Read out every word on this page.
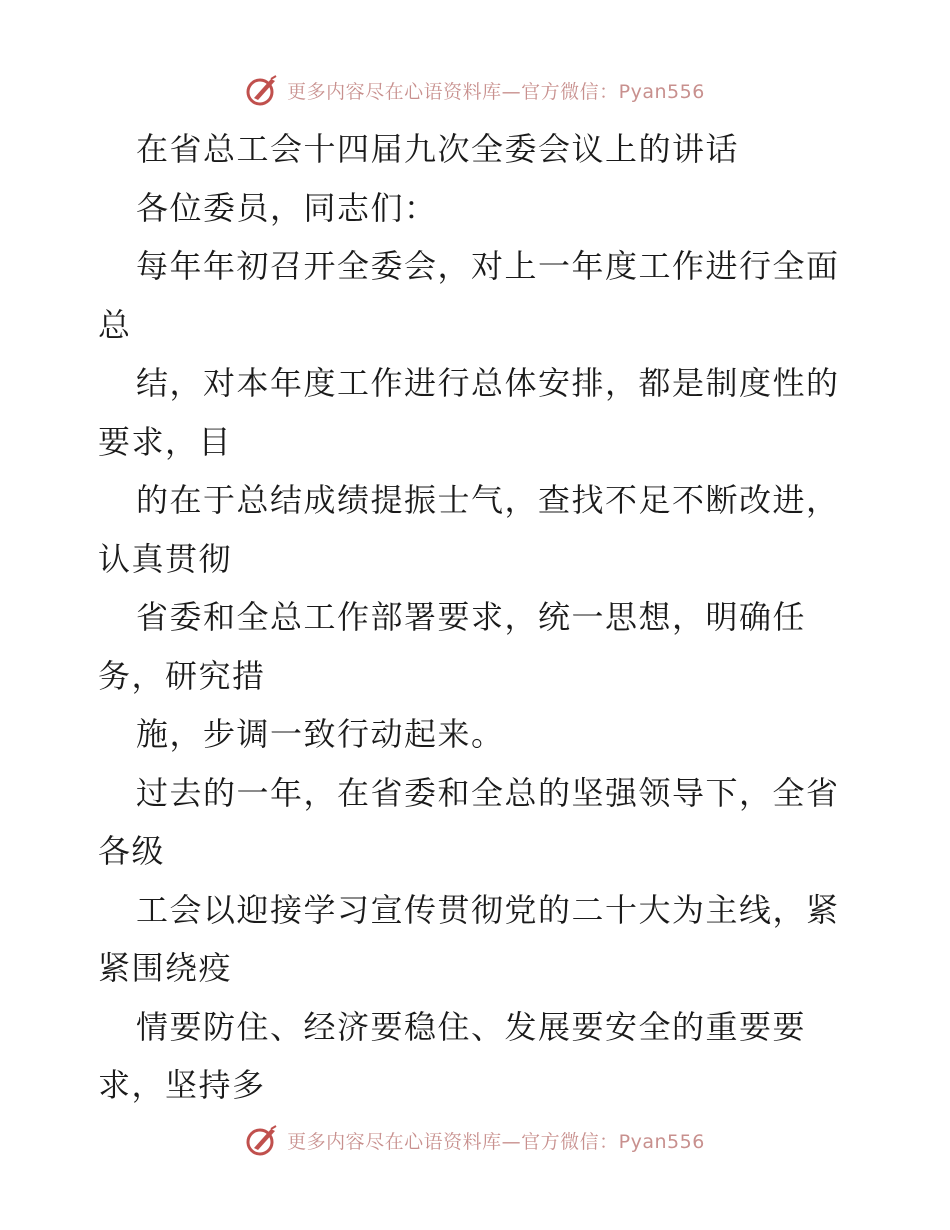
更多内容尽在心语资料库—官方微信：Pyan556
在省总工会十四届九次全委会议上的讲话
各位委员，同志们：
每年年初召开全委会，对上一年度工作进行全面
总
结，对本年度工作进行总体安排，都是制度性的
要求，目
的在于总结成绩提振士气，查找不足不断改进，
认真贯彻
省委和全总工作部署要求，统一思想，明确任
务，研究措
施，步调一致行动起来。
过去的一年，在省委和全总的坚强领导下，全省
各级
工会以迎接学习宣传贯彻党的二十大为主线，紧
紧围绕疫
情要防住、经济要稳住、发展要安全的重要要
求，坚持多
更多内容尽在心语资料库—官方微信：Pyan556
